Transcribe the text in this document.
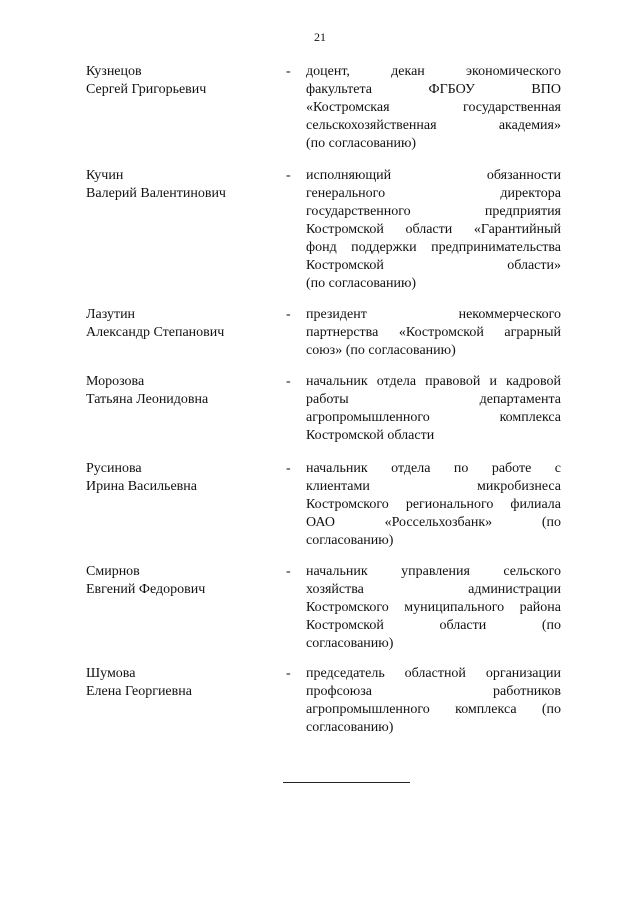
21
Кузнецов
Сергей Григорьевич
- доцент, декан экономического
факультета ФГБОУ ВПО
«Костромская государственная
сельскохозяйственная академия»
(по согласованию)
Кучин
Валерий Валентинович
- исполняющий обязанности
генерального директора
государственного предприятия
Костромской области «Гарантийный
фонд поддержки предпринимательства
Костромской области»
(по согласованию)
Лазутин
Александр Степанович
- президент некоммерческого
партнерства «Костромской аграрный
союз» (по согласованию)
Морозова
Татьяна Леонидовна
- начальник отдела правовой и кадровой
работы департамента
агропромышленного комплекса
Костромской области
Русинова
Ирина Васильевна
- начальник отдела по работе с
клиентами микробизнеса
Костромского регионального филиала
ОАО «Россельхозбанк» (по
согласованию)
Смирнов
Евгений Федорович
- начальник управления сельского
хозяйства администрации
Костромского муниципального района
Костромской области (по
согласованию)
Шумова
Елена Георгиевна
- председатель областной организации
профсоюза работников
агропромышленного комплекса (по
согласованию)
